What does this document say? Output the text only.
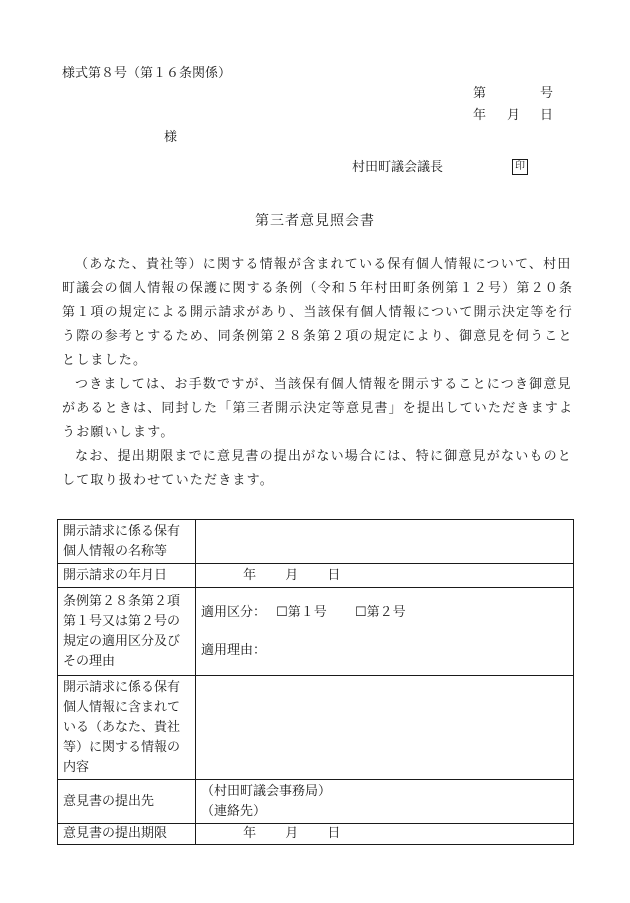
様式第８号（第１６条関係）
第	号
年 月 日
様
村田町議会議長	印
第三者意見照会書
（あなた、貴社等）に関する情報が含まれている保有個人情報について、村田町議会の個人情報の保護に関する条例（令和５年村田町条例第１２号）第２０条第１項の規定による開示請求があり、当該保有個人情報について開示決定等を行う際の参考とするため、同条例第２８条第２項の規定により、御意見を伺うこととしました。
つきましては、お手数ですが、当該保有個人情報を開示することにつき御意見があるときは、同封した「第三者開示決定等意見書」を提出していただきますようお願いします。
なお、提出期限までに意見書の提出がない場合には、特に御意見がないものとして取り扱わせていただきます。
開示請求に係る保有個人情報の名称等	
開示請求の年月日	年 月 日
条例第２８条第２項第１号又は第２号の規定の適用区分及びその理由	適用区分： ☐第１号 ☐第２号
適用理由：

開示請求に係る保有個人情報に含まれている（あなた、貴社等）に関する情報の内容	
意見書の提出先	（村田町議会事務局）
（連絡先）

意見書の提出期限	年 月 日
